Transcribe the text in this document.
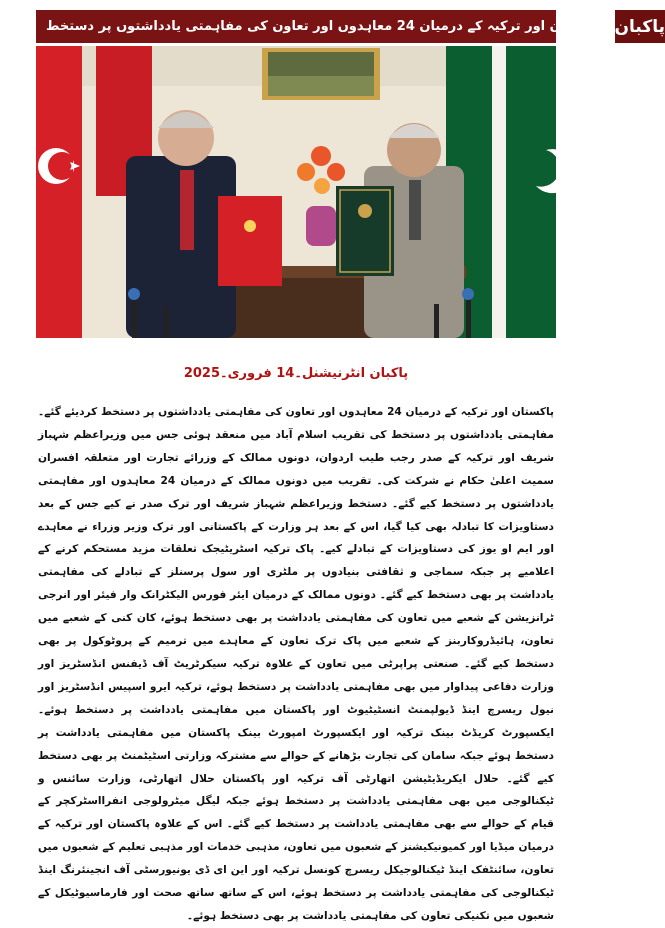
پاکبان
پاکستان اور ترکیہ کے درمیان 24 معاہدوں اور تعاون کی مفاہمتی یادداشتوں پر دستخط
پاکبان انٹرنیشنل۔14 فروری۔2025

پاکستان اور ترکیہ کے درمیان 24 معاہدوں اور تعاون کی مفاہمتی یادداشتوں پر دستخط کردیئے گئے۔ مفاہمتی یادداشتوں پر دستخط کی تقریب اسلام آباد میں منعقد ہوئی جس میں وزیراعظم شہباز شریف اور ترکیہ کے صدر رجب طیب اردوان، دونوں ممالک کے وزرائے تجارت اور متعلقہ افسران سمیت اعلیٰ حکام نے شرکت کی۔ تقریب میں دونوں ممالک کے درمیان 24 معاہدوں اور مفاہمتی یادداشتوں پر دستخط کیے گئے۔ دستخط وزیراعظم شہباز شریف اور ترک صدر نے کیے جس کے بعد دستاویزات کا تبادلہ بھی کیا گیا، اس کے بعد ہر وزارت کے پاکستانی اور ترک وزیر وزراء نے معاہدے اور ایم او یوز کی دستاویزات کے تبادلے کیے۔ پاک ترکیہ اسٹریٹیجک تعلقات مزید مستحکم کرنے کے اعلامیے پر جبکہ سماجی و ثقافتی بنیادوں پر ملٹری اور سول پرسنلز کے تبادلے کی مفاہمتی یادداشت پر بھی دستخط کیے گئے۔ دونوں ممالک کے درمیان ایئر فورس الیکٹرانک وار فیئر اور انرجی ٹرانزیشن کے شعبے میں تعاون کی مفاہمتی یادداشت پر بھی دستخط ہوئے، کان کنی کے شعبے میں تعاون، ہائیڈروکاربنز کے شعبے میں پاک ترک تعاون کے معاہدے میں ترمیم کے پروٹوکول پر بھی دستخط کیے گئے۔ صنعتی پراپرٹی میں تعاون کے علاوہ ترکیہ سیکرٹریٹ آف ڈیفنس انڈسٹریز اور وزارت دفاعی پیداوار میں بھی مفاہمتی یادداشت پر دستخط ہوئے، ترکیہ ایرو اسپیس انڈسٹریز اور نیول ریسرچ اینڈ ڈیولپمنٹ انسٹیٹیوٹ اور پاکستان میں مفاہمتی یادداشت پر دستخط ہوئے۔ ایکسپورٹ کریڈٹ بینک ترکیہ اور ایکسپورٹ امپورٹ بینک پاکستان میں مفاہمتی یادداشت پر دستخط ہوئے جبکہ سامان کی تجارت بڑھانے کے حوالے سے مشترکہ وزارتی اسٹیٹمنٹ پر بھی دستخط کیے گئے۔ حلال ایکریڈیٹیشن اتھارٹی آف ترکیہ اور پاکستان حلال اتھارٹی، وزارت سائنس و ٹیکنالوجی میں بھی مفاہمتی یادداشت پر دستخط ہوئے جبکہ لیگل میٹرولوجی انفرااسٹرکچر کے قیام کے حوالے سے بھی مفاہمتی یادداشت پر دستخط کیے گئے۔ اس کے علاوہ پاکستان اور ترکیہ کے درمیان میڈیا اور کمیونیکیشنز کے شعبوں میں تعاون، مذہبی خدمات اور مذہبی تعلیم کے شعبوں میں تعاون، سائنٹفک اینڈ ٹیکنالوجیکل ریسرچ کونسل ترکیہ اور این ای ڈی یونیورسٹی آف انجینئرنگ اینڈ ٹیکنالوجی کی مفاہمتی یادداشت پر دستخط ہوئے، اس کے ساتھ ساتھ صحت اور فارماسیوٹیکل کے شعبوں میں تکنیکی تعاون کی مفاہمتی یادداشت پر بھی دستخط ہوئے۔
